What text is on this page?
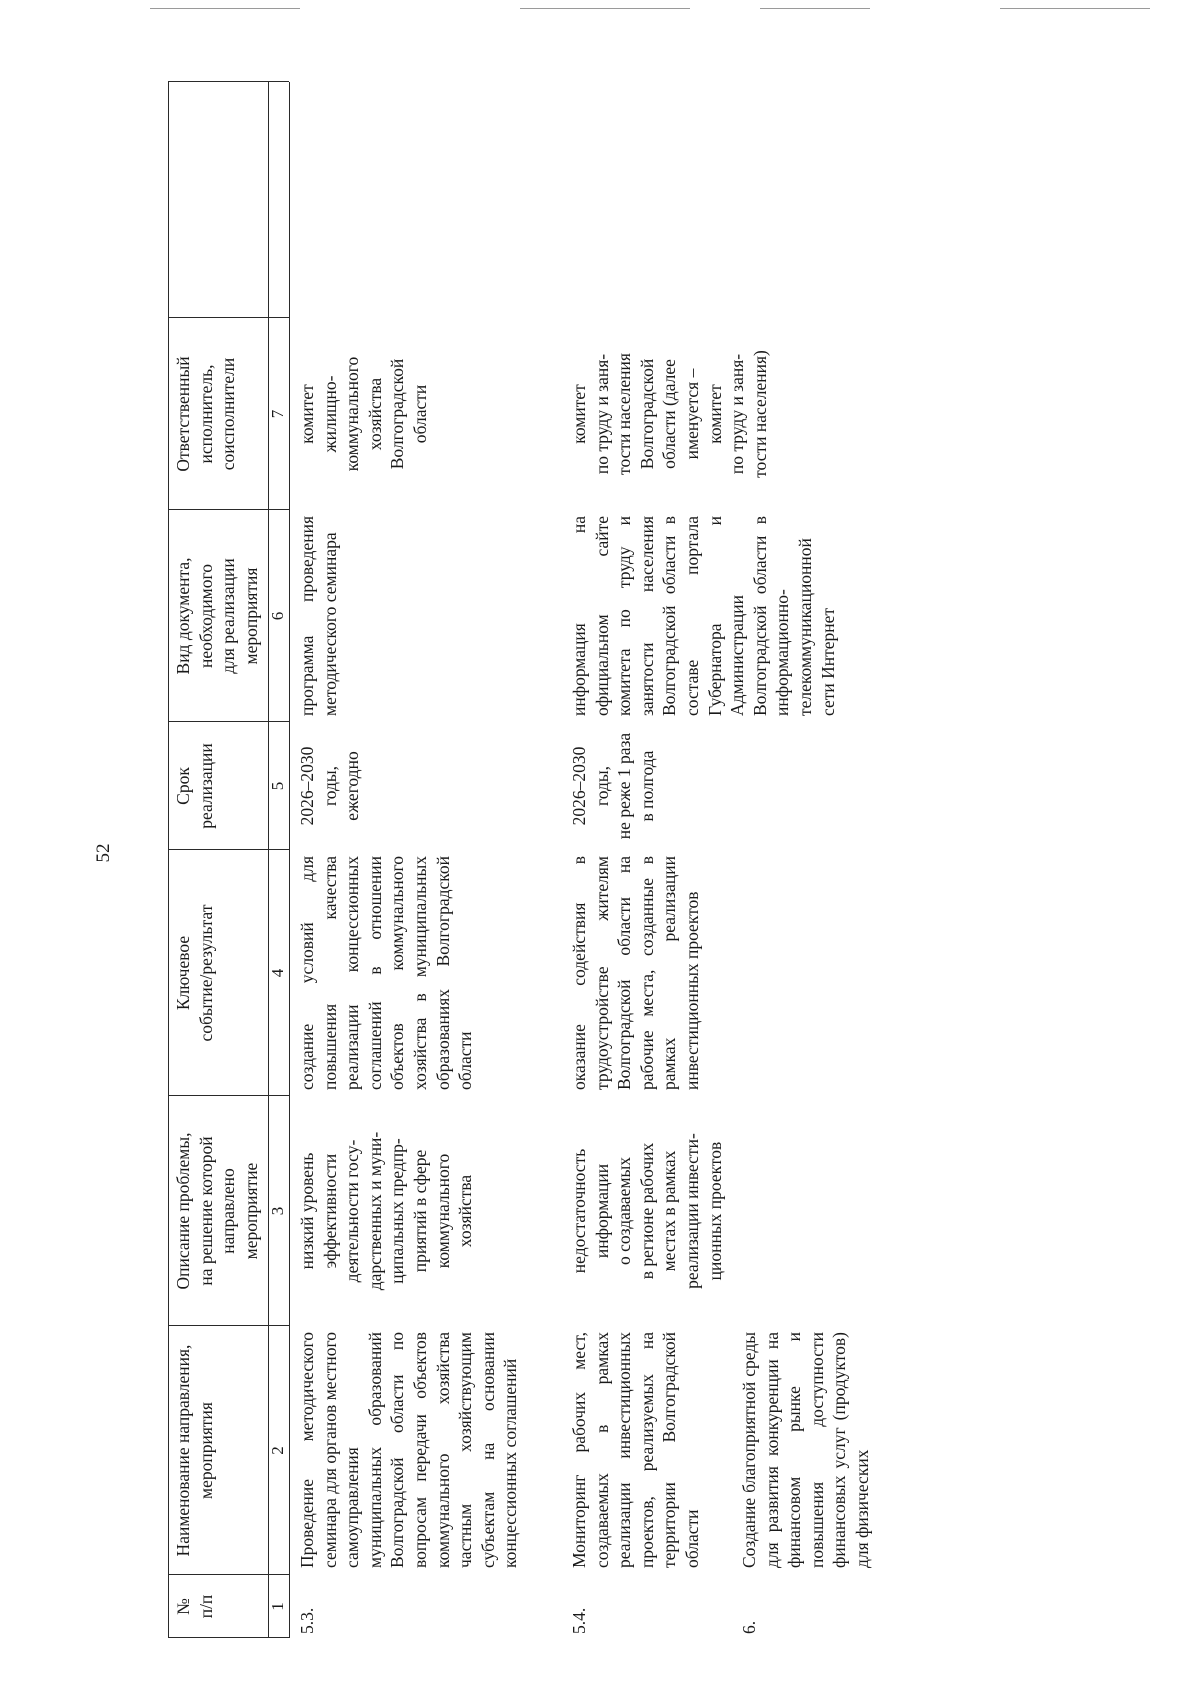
52
№
п/п
Наименование направления,
мероприятия
Описание проблемы,
на решение которой
направлено
мероприятие
Ключевое
событие/результат
Срок
реализации
Вид документа,
необходимого
для реализации
мероприятия
Ответственный
исполнитель,
соисполнители
1
2
3
4
5
6
7
5.3.
Проведение методического семинара для органов местного самоуправления муниципальных образований Волгоградской области по вопросам передачи объектов коммунального хозяйства частным хозяйствующим субъектам на основании концессионных соглашений
низкий уровень
эффективности
деятельности госу-
дарственных и муни-
ципальных предпр-
приятий в сфере
коммунального
хозяйства
создание условий для повышения качества реализации концессионных соглашений в отношении объектов коммунального хозяйства в муниципальных образованиях Волгоградской области
2026–2030
годы,
ежегодно
программа проведения методического семинара
комитет
жилищно-
коммунального
хозяйства
Волгоградской
области
5.4.
Мониторинг рабочих мест, создаваемых в рамках реализации инвестиционных проектов, реализуемых на территории Волгоградской области
недостаточность
информации
о создаваемых
в регионе рабочих
местах в рамках
реализации инвести-
ционных проектов
оказание содействия в трудоустройстве жителям Волгоградской области на рабочие места, созданные в рамках реализации инвестиционных проектов
2026–2030
годы,
не реже 1 раза
в полгода
информация на официальном сайте комитета по труду и занятости населения Волгоградской области в составе портала Губернатора и Администрации Волгоградской области в информационно-телекоммуникационной сети Интернет
комитет
по труду и заня-
тости населения
Волгоградской
области (далее
именуется –
комитет
по труду и заня-
тости населения)
6.
Создание благоприятной среды для развития конкуренции на финансовом рынке и повышения доступности финансовых услуг (продуктов) для физических
